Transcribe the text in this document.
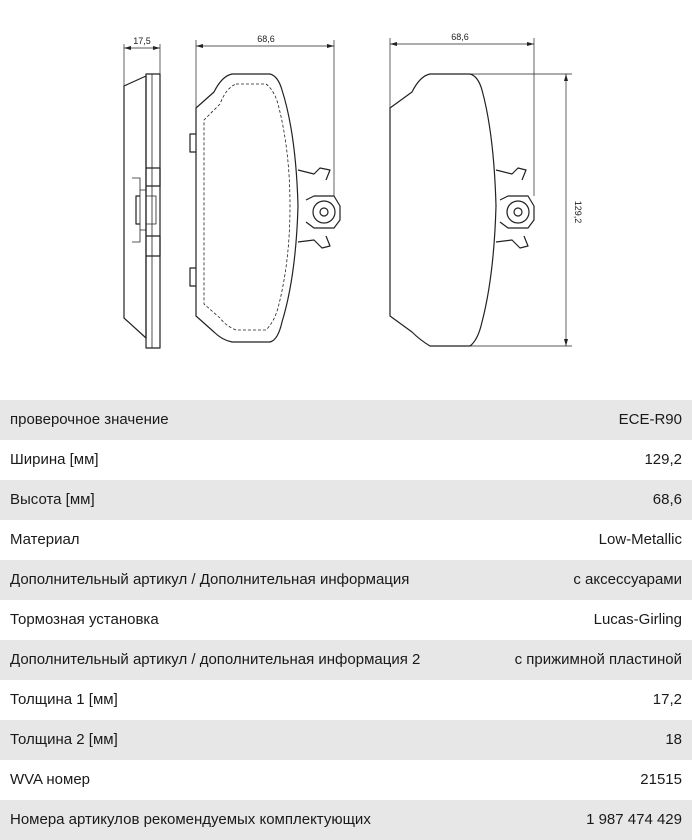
17,5	68,6	68,6
129,2
проверочное значение	ECE-R90
Ширина [мм]	129,2
Высота [мм]	68,6
Материал	Low-Metallic
Дополнительный артикул / Дополнительная информация	с аксессуарами
Тормозная установка	Lucas-Girling
Дополнительный артикул / дополнительная информация 2	с прижимной пластиной
Толщина 1 [мм]	17,2
Толщина 2 [мм]	18
WVA номер	21515
Номера артикулов рекомендуемых комплектующих	1 987 474 429
